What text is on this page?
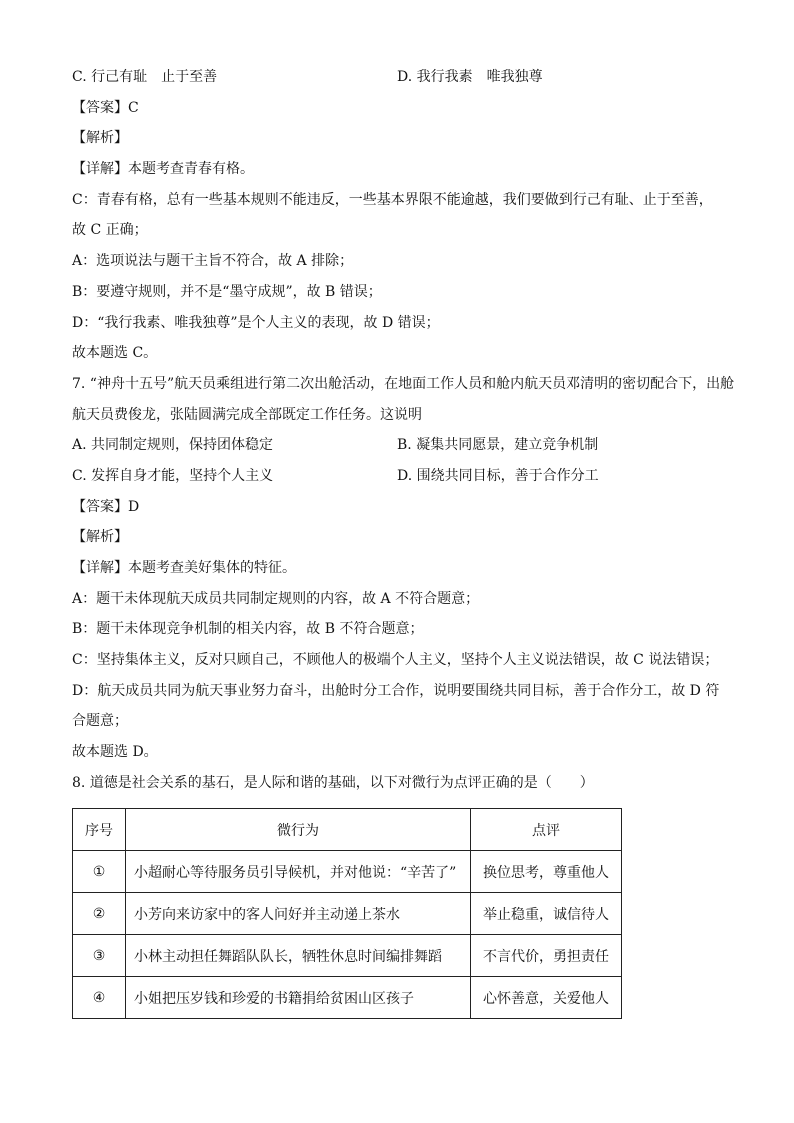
C. 行己有耻　止于至善	D. 我行我素　唯我独尊
【答案】C
【解析】
【详解】本题考查青春有格。
C：青春有格，总有一些基本规则不能违反，一些基本界限不能逾越，我们要做到行己有耻、止于至善，
故 C 正确；
A：选项说法与题干主旨不符合，故 A 排除；
B：要遵守规则，并不是“墨守成规”，故 B 错误；
D：“我行我素、唯我独尊”是个人主义的表现，故 D 错误；
故本题选 C。
7. “神舟十五号”航天员乘组进行第二次出舱活动，在地面工作人员和舱内航天员邓清明的密切配合下，出舱
航天员费俊龙，张陆圆满完成全部既定工作任务。这说明
A. 共同制定规则，保持团体稳定	B. 凝集共同愿景，建立竞争机制
C. 发挥自身才能，坚持个人主义	D. 围绕共同目标，善于合作分工
【答案】D
【解析】
【详解】本题考查美好集体的特征。
A：题干未体现航天成员共同制定规则的内容，故 A 不符合题意；
B：题干未体现竞争机制的相关内容，故 B 不符合题意；
C：坚持集体主义，反对只顾自己，不顾他人的极端个人主义，坚持个人主义说法错误，故 C 说法错误；
D：航天成员共同为航天事业努力奋斗，出舱时分工合作，说明要围绕共同目标，善于合作分工，故 D 符
合题意；
故本题选 D。
8. 道德是社会关系的基石，是人际和谐的基础，以下对微行为点评正确的是（　　）
序号	微行为	点评
①	小超耐心等待服务员引导候机，并对他说：“辛苦了”	换位思考，尊重他人
②	小芳向来访家中的客人问好并主动递上茶水	举止稳重，诚信待人
③	小林主动担任舞蹈队队长，牺牲休息时间编排舞蹈	不言代价，勇担责任
④	小姐把压岁钱和珍爱的书籍捐给贫困山区孩子	心怀善意，关爱他人
